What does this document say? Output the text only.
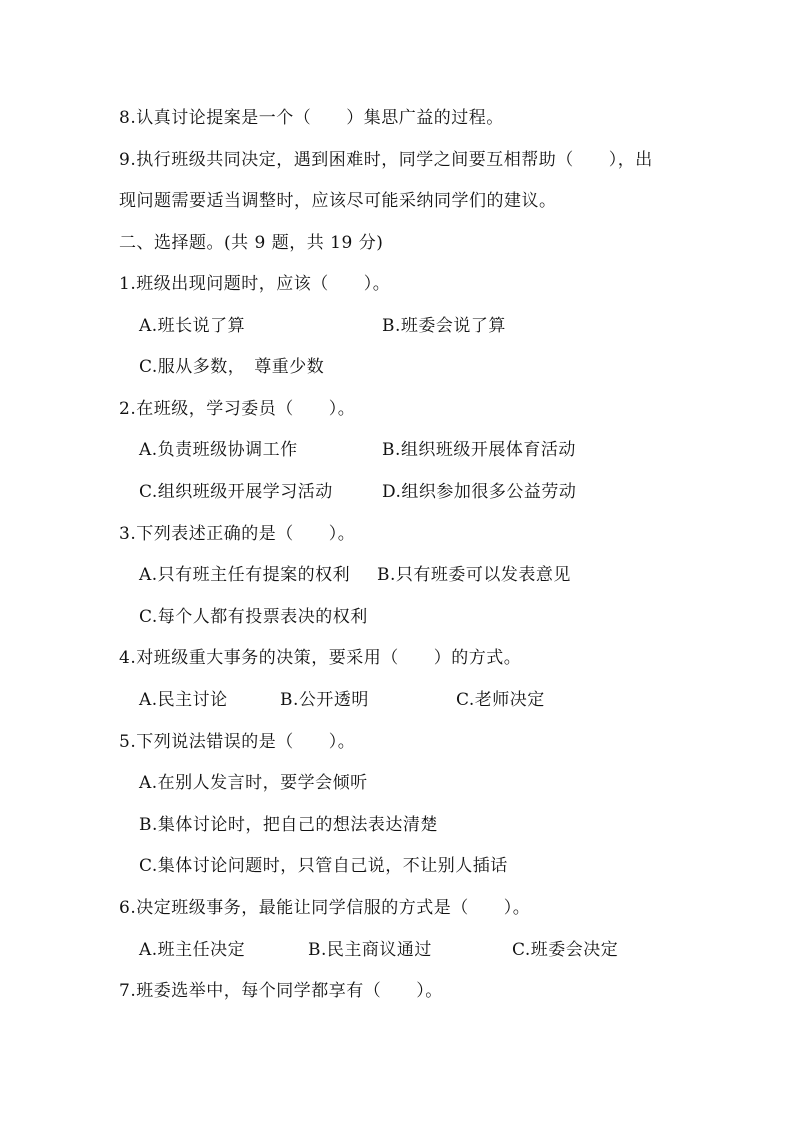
8.认真讨论提案是一个（　　）集思广益的过程。
9.执行班级共同决定，遇到困难时，同学之间要互相帮助（　　），出
现问题需要适当调整时，应该尽可能采纳同学们的建议。
二、选择题。(共 9 题，共 19 分)
1.班级出现问题时，应该（　　）。
A.班长说了算	B.班委会说了算
C.服从多数，　尊重少数
2.在班级，学习委员（　　）。
A.负责班级协调工作	B.组织班级开展体育活动
C.组织班级开展学习活动	D.组织参加很多公益劳动
3.下列表述正确的是（　　）。
A.只有班主任有提案的权利 B.只有班委可以发表意见
C.每个人都有投票表决的权利
4.对班级重大事务的决策，要采用（　　）的方式。
A.民主讨论	B.公开透明	C.老师决定
5.下列说法错误的是（　　）。
A.在别人发言时，要学会倾听
B.集体讨论时，把自己的想法表达清楚
C.集体讨论问题时，只管自己说，不让别人插话
6.决定班级事务，最能让同学信服的方式是（　　）。
A.班主任决定	B.民主商议通过	C.班委会决定
7.班委选举中，每个同学都享有（　　）。
